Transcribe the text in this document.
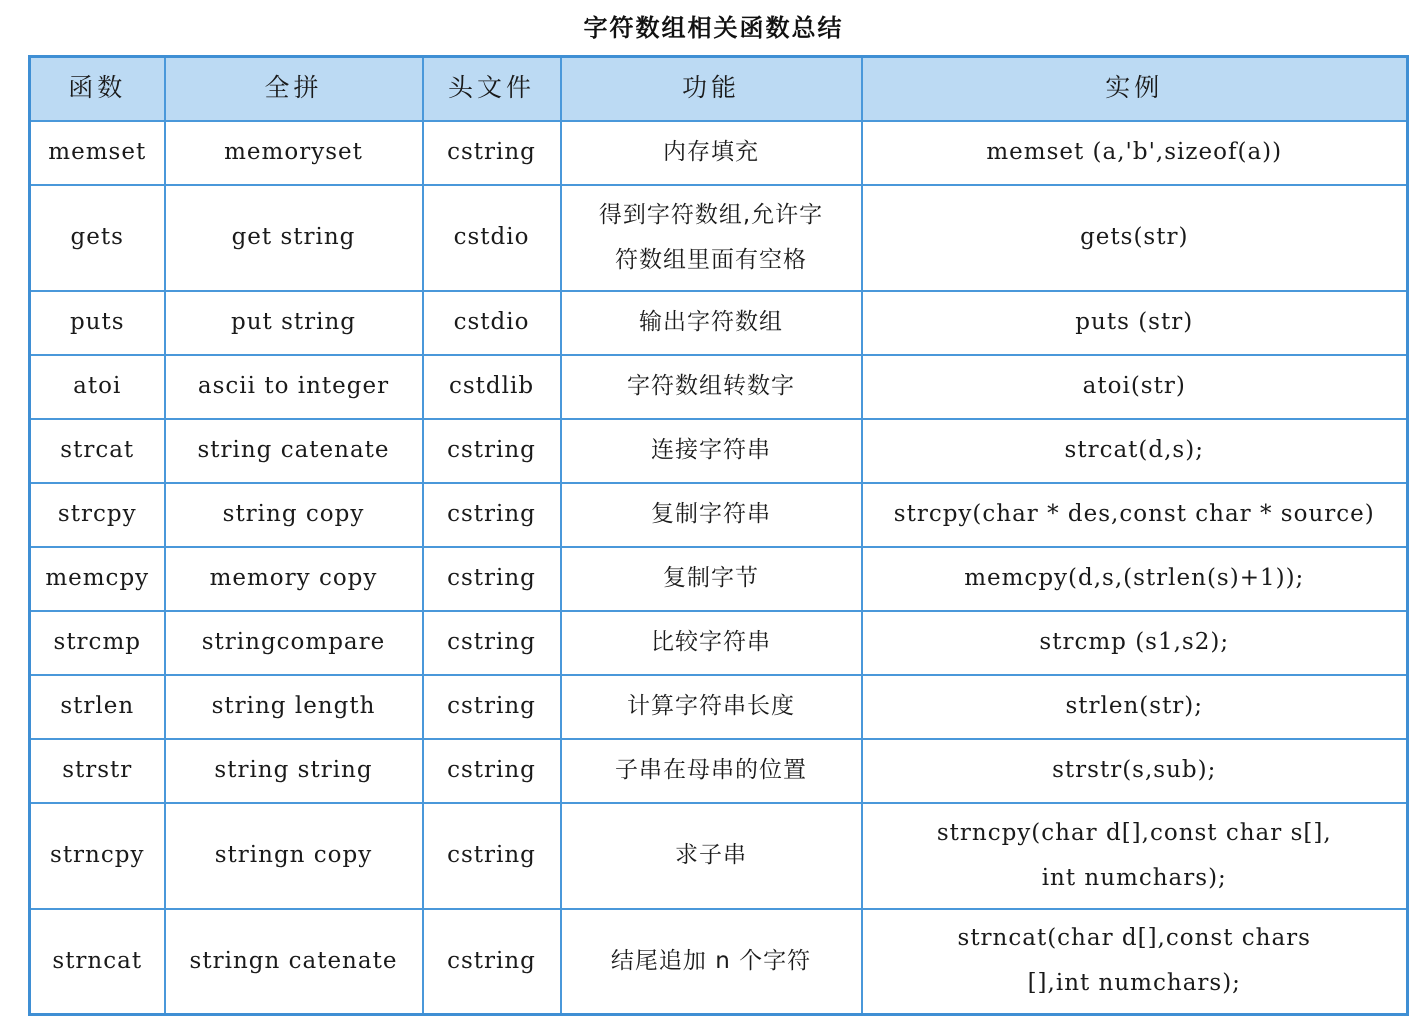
字符数组相关函数总结
函数	全拼	头文件	功能	实例
memset	memoryset	cstring	内存填充	memset (a,'b',sizeof(a))

gets	get string	cstdio	得到字符数组,允许字
符数组里面有空格	gets(str)

puts	put string	cstdio	输出字符数组	puts (str)

atoi	ascii to integer	cstdlib	字符数组转数字	atoi(str)

strcat	string catenate	cstring	连接字符串	strcat(d,s);

strcpy	string copy	cstring	复制字符串	strcpy(char * des,const char * source)

memcpy	memory copy	cstring	复制字节	memcpy(d,s,(strlen(s)+1));

strcmp	stringcompare	cstring	比较字符串	strcmp (s1,s2);

strlen	string length	cstring	计算字符串长度	strlen(str);

strstr	string string	cstring	子串在母串的位置	strstr(s,sub);

strncpy	stringn copy	cstring	求子串	strncpy(char d[],const char s[],
int numchars);

strncat	stringn catenate	cstring	结尾追加 n 个字符	strncat(char d[],const chars
[],int numchars);
